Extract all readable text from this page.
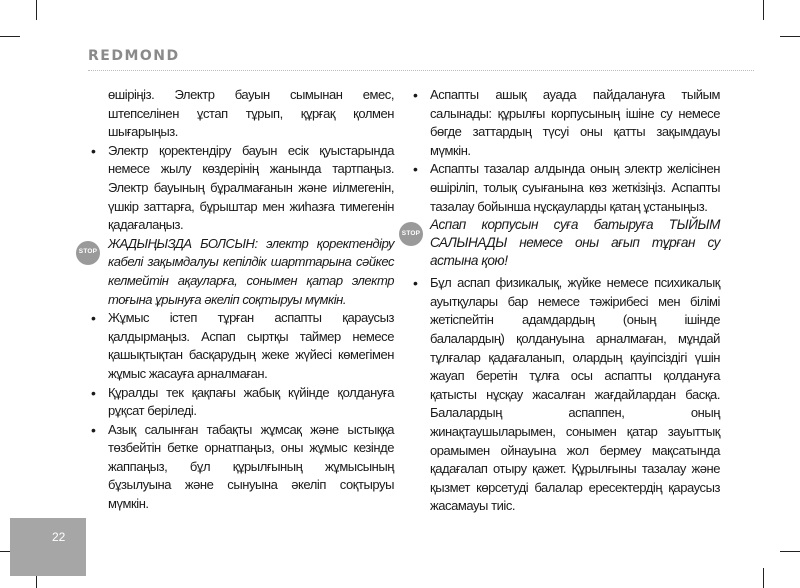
REDMOND

өшіріңіз. Электр бауын сымынан емес, штепселінен ұстап тұрып, құрғақ қолмен шығарыңыз.

• Электр қоректендіру бауын есік қуыстарында немесе жылу көздерінің жанында тартпаңыз. Электр бауының бұралмағанын және иілмегенін, үшкір заттарға, бұрыштар мен жиһазға тимегенін қадағалаңыз.

STOP
ЖАДЫҢЫЗДА БОЛСЫН: электр қоректендіру кабелі зақымдалуы кепілдік шарттарына сәйкес келмейтін ақауларға, сонымен қатар электр тоғына ұрынуға әкеліп соқтыруы мүмкін.

• Жұмыс істеп тұрған аспапты қараусыз қалдырмаңыз. Аспап сыртқы таймер немесе қашықтықтан басқарудың жеке жүйесі көмегімен жұмыс жасауға арналмаған.

• Құралды тек қақпағы жабық күйінде қолдануға рұқсат беріледі.

• Азық салынған табақты жұмсақ және ыстыққа төзбейтін бетке орнатпаңыз, оны жұмыс кезінде жаппаңыз, бұл құрылғының жұмысының бұзылуына және сынуына әкеліп соқтыруы мүмкін.

• Аспапты ашық ауада пайдалануға тыйым салынады: құрылғы корпусының ішіне су немесе бөгде заттардың түсуі оны қатты зақымдауы мүмкін.

• Аспапты тазалар алдында оның электр желісінен өшіріліп, толық суығанына көз жеткізіңіз. Аспапты тазалау бойынша нұсқауларды қатаң ұстаныңыз.

STOP
Аспап корпусын суға батыруға ТЫЙЫМ САЛЫНАДЫ немесе оны ағып тұрған су астына қою!

• Бұл аспап физикалық, жүйке немесе психикалық ауытқулары бар немесе тәжірибесі мен білімі жетіспейтін адамдардың (оның ішінде балалардың) қолдануына арналмаған, мұндай тұлғалар қадағаланып, олардың қауіпсіздігі үшін жауап беретін тұлға осы аспапты қолдануға қатысты нұсқау жасалған жағдайлардан басқа. Балалардың аспаппен, оның жинақтаушыларымен, сонымен қатар зауыттық орамымен ойнауына жол бермеу мақсатында қадағалап отыру қажет. Құрылғыны тазалау және қызмет көрсетуді балалар ересектердің қараусыз жасамауы тиіс.

22
